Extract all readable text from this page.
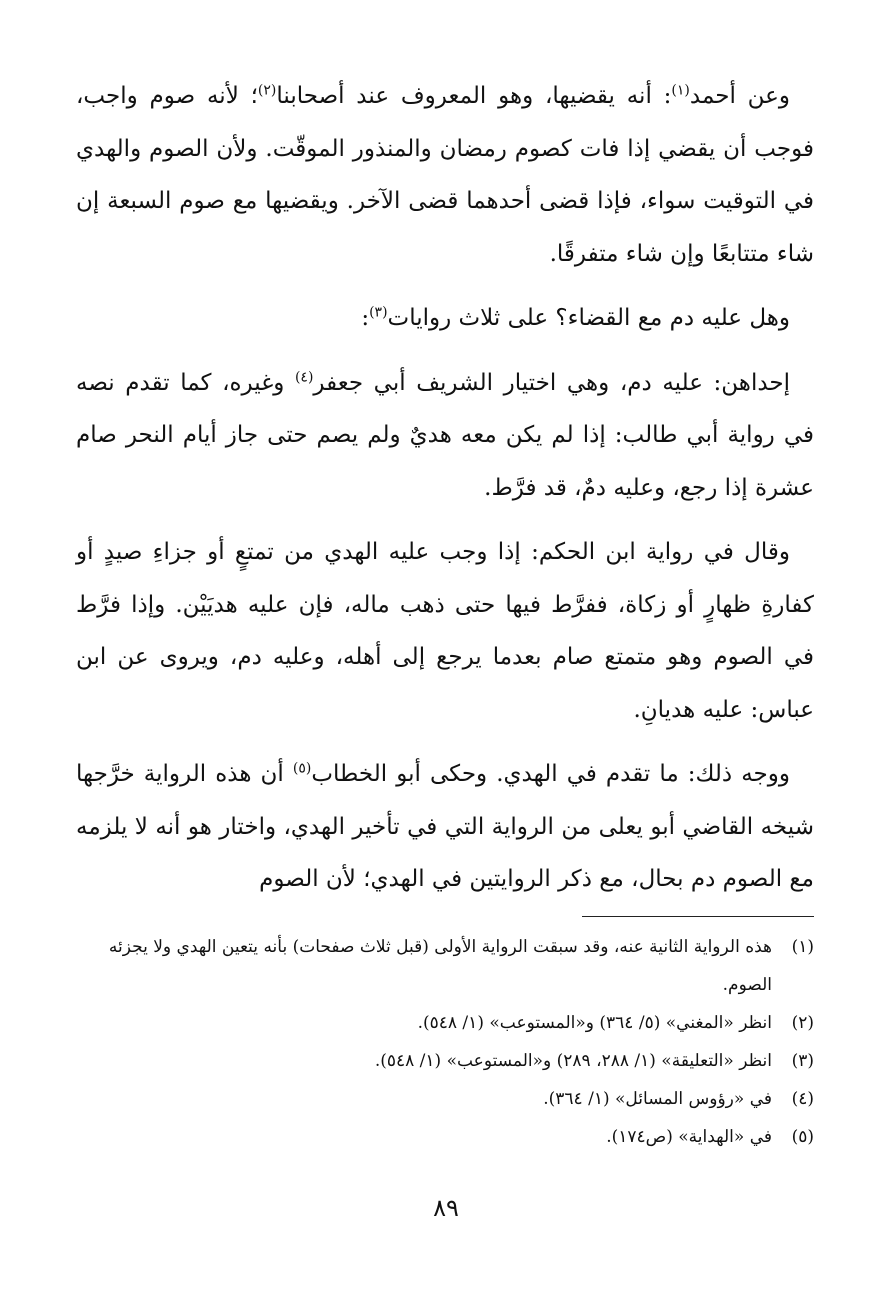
وعن أحمد$^{(١)}$: أنه يقضيها، وهو المعروف عند أصحابنا$^{(٢)}$؛ لأنه صوم واجب، فوجب أن يقضي إذا فات كصوم رمضان والمنذور الموقّت. ولأن الصوم والهدي في التوقيت سواء، فإذا قضى أحدهما قضى الآخر. ويقضيها مع صوم السبعة إن شاء متتابعًا وإن شاء متفرقًا.

وهل عليه دم مع القضاء؟ على ثلاث روايات$^{(٣)}$:

إحداهن: عليه دم، وهي اختيار الشريف أبي جعفر$^{(٤)}$ وغيره، كما تقدم نصه في رواية أبي طالب: إذا لم يكن معه هديٌ ولم يصم حتى جاز أيام النحر صام عشرة إذا رجع، وعليه دمٌ، قد فرَّط.

وقال في رواية ابن الحكم: إذا وجب عليه الهدي من تمتعٍ أو جزاءِ صيدٍ أو كفارةِ ظهارٍ أو زكاة، ففرَّط فيها حتى ذهب ماله، فإن عليه هديَيْن. وإذا فرَّط في الصوم وهو متمتع صام بعدما يرجع إلى أهله، وعليه دم، ويروى عن ابن عباس: عليه هديانِ.

ووجه ذلك: ما تقدم في الهدي. وحكى أبو الخطاب$^{(٥)}$ أن هذه الرواية خرَّجها شيخه القاضي أبو يعلى من الرواية التي في تأخير الهدي، واختار هو أنه لا يلزمه مع الصوم دم بحال، مع ذكر الروايتين في الهدي؛ لأن الصوم

(١)
هذه الرواية الثانية عنه، وقد سبقت الرواية الأولى (قبل ثلاث صفحات) بأنه يتعين الهدي ولا يجزئه الصوم.
(٢)
انظر «المغني» (٥/ ٣٦٤) و«المستوعب» (١/ ٥٤٨).
(٣)
انظر «التعليقة» (١/ ٢٨٨، ٢٨٩) و«المستوعب» (١/ ٥٤٨).
(٤)
في «رؤوس المسائل» (١/ ٣٦٤).
(٥)
في «الهداية» (ص١٧٤).
٨٩
